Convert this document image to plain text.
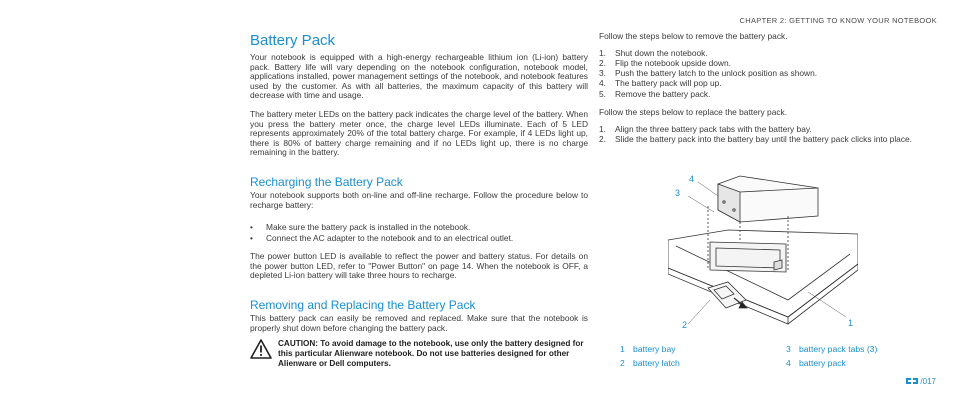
CHAPTER 2: GETTING TO KNOW YOUR NOTEBOOK
Battery Pack

Your notebook is equipped with a high-energy rechargeable lithium ion (Li-ion) battery pack. Battery life will vary depending on the notebook configuration, notebook model, applications installed, power management settings of the notebook, and notebook features used by the customer. As with all batteries, the maximum capacity of this battery will decrease with time and usage.

The battery meter LEDs on the battery pack indicates the charge level of the battery. When you press the battery meter once, the charge level LEDs illuminate. Each of 5 LED represents approximately 20% of the total battery charge. For example, if 4 LEDs light up, there is 80% of battery charge remaining and if no LEDs light up, there is no charge remaining in the battery.

Recharging the Battery Pack

Your notebook supports both on-line and off-line recharge. Follow the procedure below to recharge battery:

• Make sure the battery pack is installed in the notebook.
• Connect the AC adapter to the notebook and to an electrical outlet.

The power button LED is available to reflect the power and battery status. For details on the power button LED, refer to "Power Button" on page 14. When the notebook is OFF, a depleted Li-ion battery will take three hours to recharge.

Removing and Replacing the Battery Pack

This battery pack can easily be removed and replaced. Make sure that the notebook is properly shut down before changing the battery pack.

CAUTION: To avoid damage to the notebook, use only the battery designed for this particular Alienware notebook. Do not use batteries designed for other Alienware or Dell computers.

Follow the steps below to remove the battery pack.

1. Shut down the notebook.
2. Flip the notebook upside down.
3. Push the battery latch to the unlock position as shown.
4. The battery pack will pop up.
5. Remove the battery pack.

Follow the steps below to replace the battery pack.

1. Align the three battery pack tabs with the battery bay.
2. Slide the battery pack into the battery bay until the battery pack clicks into place.
4
3
2	1
1 battery bay
2 battery latch
3 battery pack tabs (3)
4 battery pack
/ 017
